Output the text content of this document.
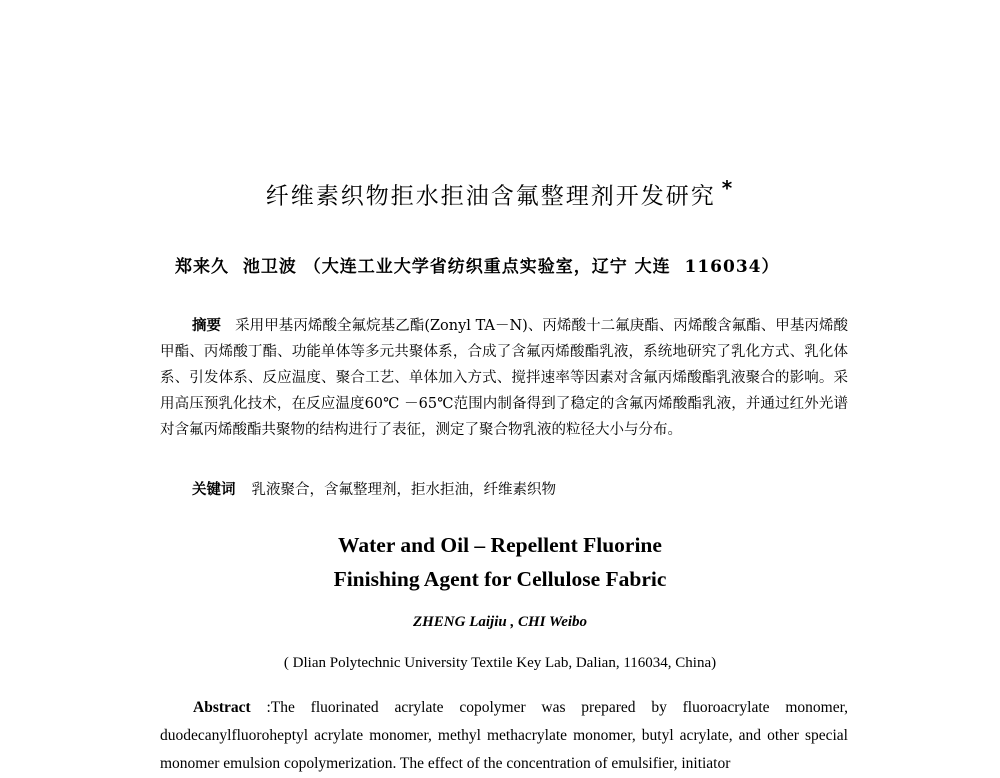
纤维素织物拒水拒油含氟整理剂开发研究 *
郑来久  池卫波 （大连工业大学省纺织重点实验室，辽宁 大连  116034）
摘要 采用甲基丙烯酸全氟烷基乙酯(Zonyl TA－N)、丙烯酸十二氟庚酯、丙烯酸含氟酯、甲基丙烯酸甲酯、丙烯酸丁酯、功能单体等多元共聚体系，合成了含氟丙烯酸酯乳液，系统地研究了乳化方式、乳化体系、引发体系、反应温度、聚合工艺、单体加入方式、搅拌速率等因素对含氟丙烯酸酯乳液聚合的影响。采用高压预乳化技术，在反应温度60℃ －65℃范围内制备得到了稳定的含氟丙烯酸酯乳液，并通过红外光谱对含氟丙烯酸酯共聚物的结构进行了表征，测定了聚合物乳液的粒径大小与分布。
关键词 乳液聚合，含氟整理剂，拒水拒油，纤维素织物
Water and Oil – Repellent Fluorine
Finishing Agent for Cellulose Fabric
ZHENG Laijiu , CHI Weibo
( Dlian Polytechnic University Textile Key Lab, Dalian, 116034, China)
Abstract :The fluorinated acrylate copolymer was prepared by fluoroacrylate monomer, duodecanylfluoroheptyl acrylate monomer, methyl methacrylate monomer, butyl acrylate, and other special monomer emulsion copolymerization. The effect of the concentration of emulsifier, initiator
